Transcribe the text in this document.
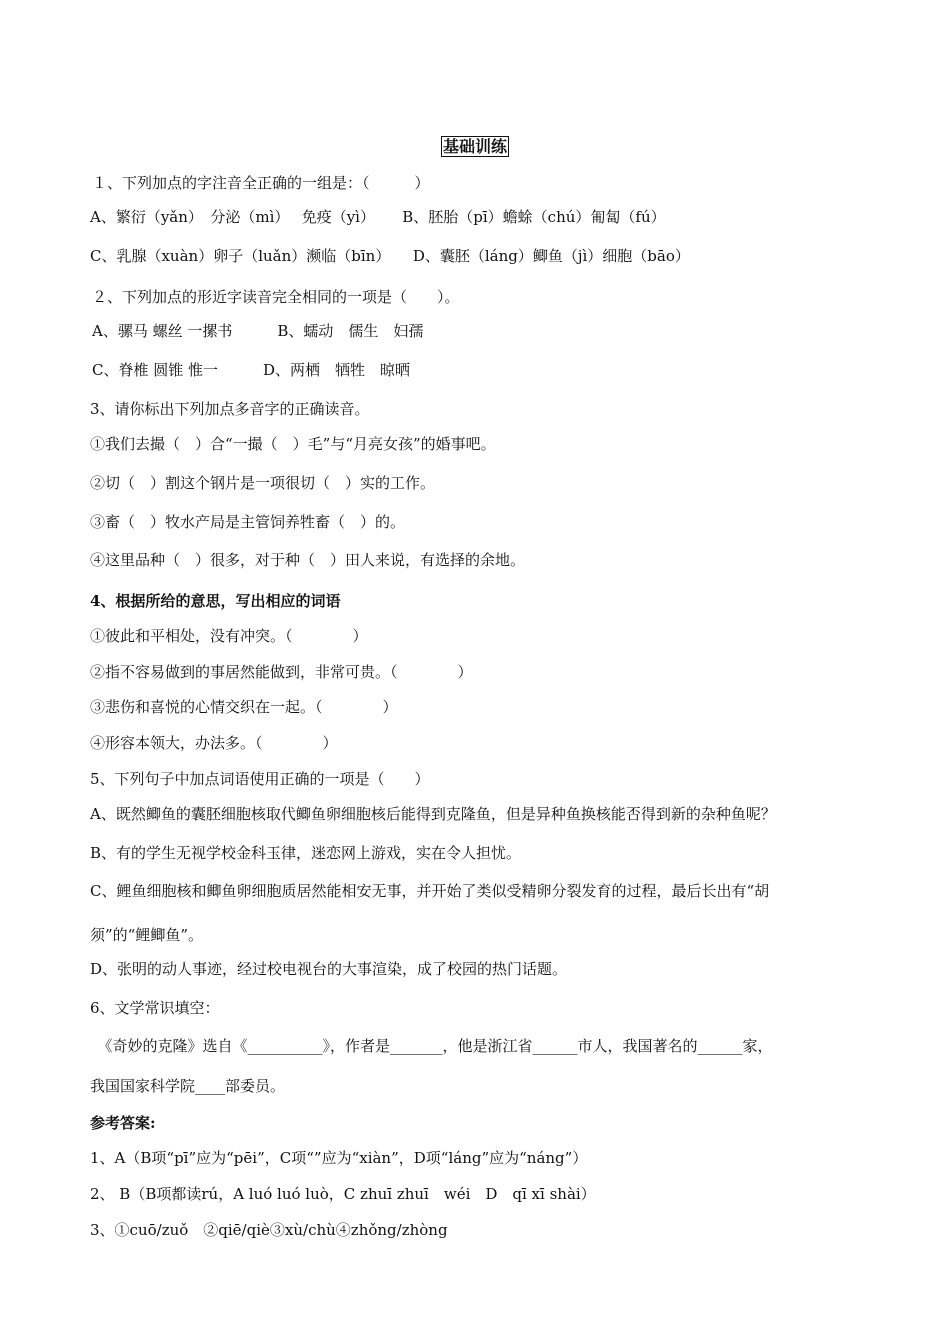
基础训练
１、下列加点的字注音全正确的一组是：（　　　）
A、繁衍（yǎn）　分泌（mì）　 免疫（yì）　　 B、胚胎（pī）蟾蜍（chú）匍匐（fú）
C、乳腺（xuàn）卵子（luǎn）濒临（bīn）　　D、囊胚（láng）鲫鱼（jì）细胞（bāo）
２、下列加点的形近字读音完全相同的一项是（　　）。
A、骡马 螺丝 一摞书　　　B、蠕动　儒生　妇孺
C、脊椎 圆锥 惟一　　　D、两栖　牺牲　晾晒
3、请你标出下列加点多音字的正确读音。
①我们去撮（　）合“一撮（　）毛”与“月亮女孩”的婚事吧。
②切（　）割这个钢片是一项很切（　）实的工作。
③畜（　）牧水产局是主管饲养牲畜（　）的。
④这里品种（　）很多，对于种（　）田人来说，有选择的余地。
4、根据所给的意思，写出相应的词语
①彼此和平相处，没有冲突。（　　　　）
②指不容易做到的事居然能做到，非常可贵。（　　　　）
③悲伤和喜悦的心情交织在一起。（　　　　）
④形容本领大，办法多。（　　　　）
5、下列句子中加点词语使用正确的一项是（　　）
A、既然鲫鱼的囊胚细胞核取代鲫鱼卵细胞核后能得到克隆鱼，但是异种鱼换核能否得到新的杂种鱼呢？
B、有的学生无视学校金科玉律，迷恋网上游戏，实在令人担忧。
C、鲤鱼细胞核和鲫鱼卵细胞质居然能相安无事，并开始了类似受精卵分裂发育的过程，最后长出有“胡
须”的“鲤鲫鱼”。
D、张明的动人事迹，经过校电视台的大事渲染，成了校园的热门话题。
6、文学常识填空：
　《奇妙的克隆》选自《__________》，作者是_______，他是浙江省______市人，我国著名的______家，
我国国家科学院____部委员。
参考答案:
1、A（B项“pī”应为“pēi”，C项“”应为“xiàn”，D项“láng”应为“náng”）
2、 B（B项都读rú，A luó luó luò，C zhuī zhuī　wéi　D　qī xī shài）
3、①cuō/zuǒ　②qiē/qiè③xù/chù④zhǒng/zhòng
